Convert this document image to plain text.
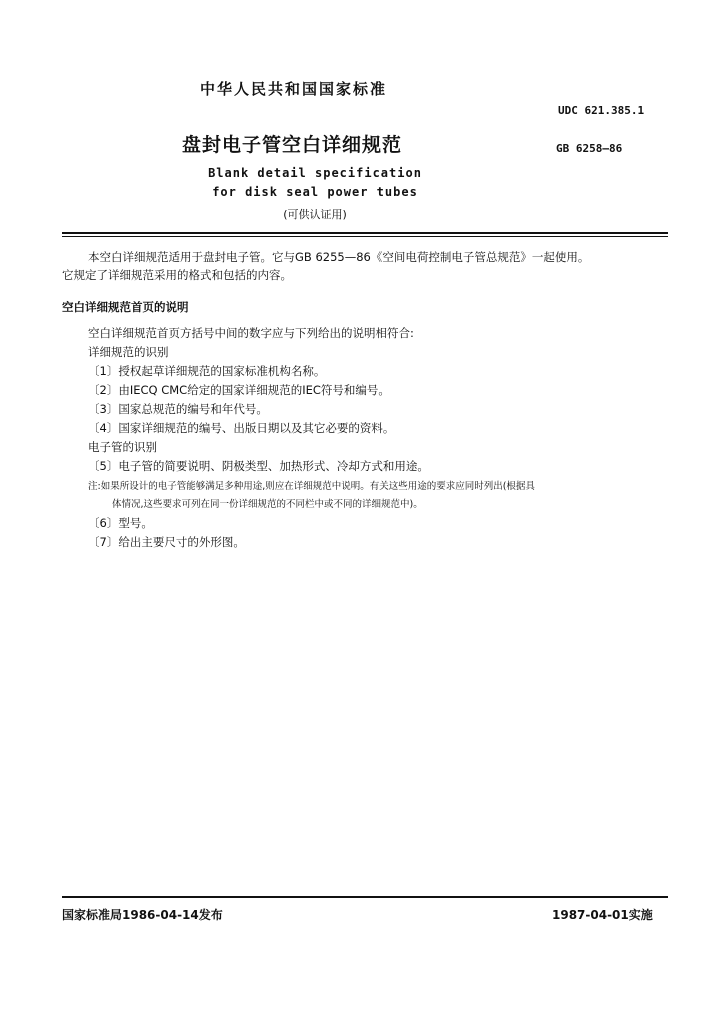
中华人民共和国国家标准
UDC 621.385.1
盘封电子管空白详细规范	GB 6258—86
Blank detail specification
for disk seal power tubes
(可供认证用)
本空白详细规范适用于盘封电子管。它与GB 6255—86《空间电荷控制电子管总规范》一起使用。
它规定了详细规范采用的格式和包括的内容。
空白详细规范首页的说明
空白详细规范首页方括号中间的数字应与下列给出的说明相符合:
详细规范的识别
〔1〕授权起草详细规范的国家标准机构名称。
〔2〕由IECQ CMC给定的国家详细规范的IEC符号和编号。
〔3〕国家总规范的编号和年代号。
〔4〕国家详细规范的编号、出版日期以及其它必要的资料。
电子管的识别
〔5〕电子管的简要说明、阴极类型、加热形式、冷却方式和用途。
注:如果所设计的电子管能够满足多种用途,则应在详细规范中说明。有关这些用途的要求应同时列出(根据具
体情况,这些要求可列在同一份详细规范的不同栏中或不同的详细规范中)。
〔6〕型号。
〔7〕给出主要尺寸的外形图。
国家标准局1986-04-14发布	1987-04-01实施
